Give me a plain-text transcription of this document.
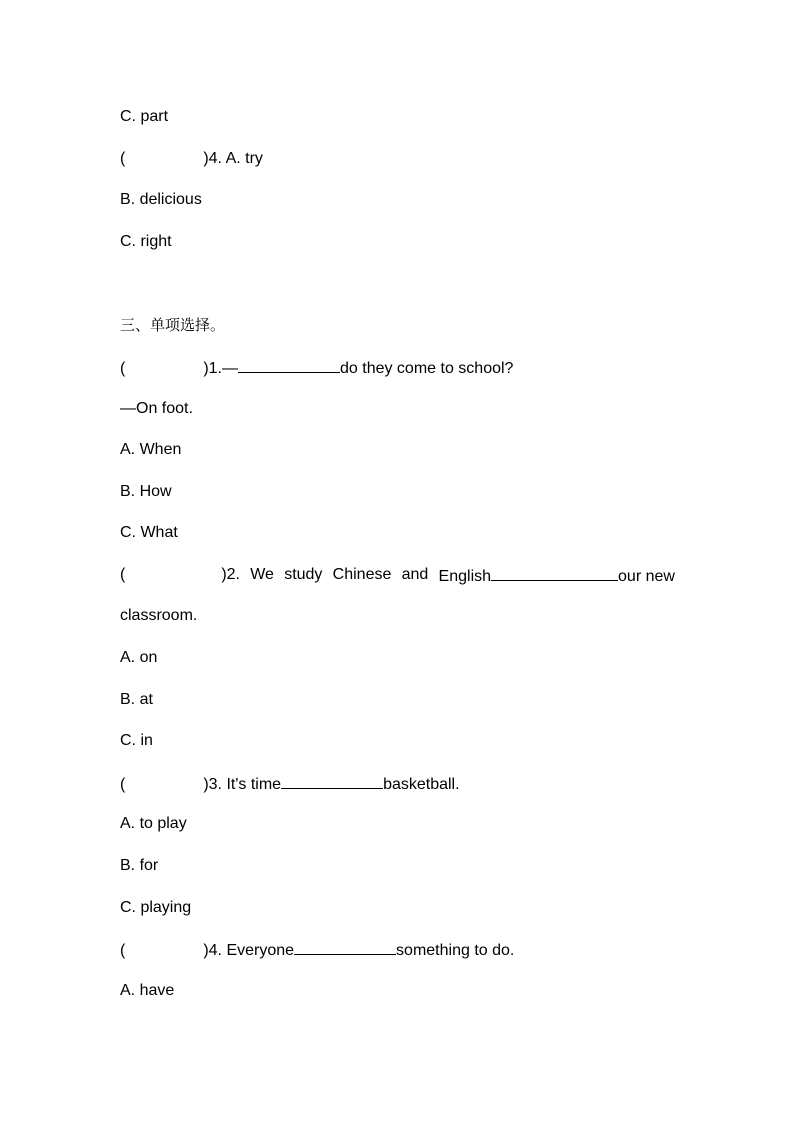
C. part
(	)4. A. try
B. delicious
C. right
三、单项选择。
(	)1.—	do they come to school?
—On foot.
A. When
B. How
C. What
(	)2. We study Chinese and English	our new
classroom.
A. on
B. at
C. in
(	)3. It's time	basketball.
A. to play
B. for
C. playing
(	)4. Everyone	something to do.
A. have
